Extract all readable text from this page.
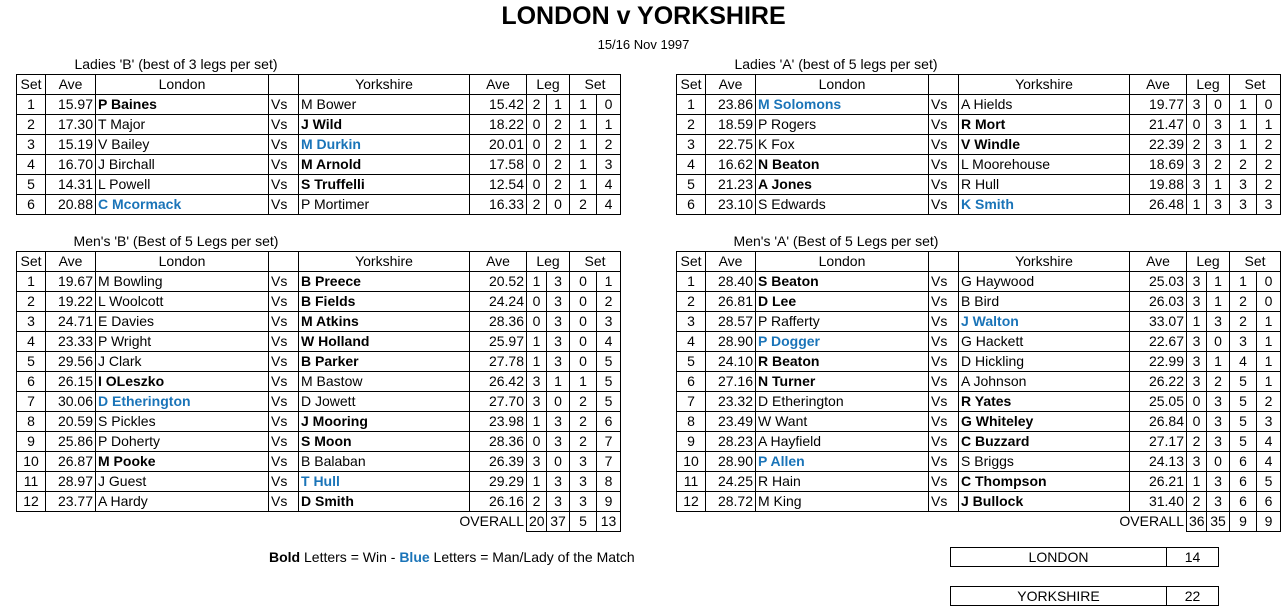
LONDON v YORKSHIRE
15/16 Nov 1997
Ladies 'B' (best of 3 legs per set)
Set	Ave	London		Yorkshire	Ave	Leg		Set	
1	15.97	P Baines	Vs	M Bower	15.42	2	1	1	0
2	17.30	T Major	Vs	J Wild	18.22	0	2	1	1
3	15.19	V Bailey	Vs	M Durkin	20.01	0	2	1	2
4	16.70	J Birchall	Vs	M Arnold	17.58	0	2	1	3
5	14.31	L Powell	Vs	S Truffelli	12.54	0	2	1	4
6	20.88	C Mcormack	Vs	P Mortimer	16.33	2	0	2	4
Ladies 'A' (best of 5 legs per set)
Set	Ave	London		Yorkshire	Ave	Leg		Set	
1	23.86	M Solomons	Vs	A Hields	19.77	3	0	1	0
2	18.59	P Rogers	Vs	R Mort	21.47	0	3	1	1
3	22.75	K Fox	Vs	V Windle	22.39	2	3	1	2
4	16.62	N Beaton	Vs	L Moorehouse	18.69	3	2	2	2
5	21.23	A Jones	Vs	R Hull	19.88	3	1	3	2
6	23.10	S Edwards	Vs	K Smith	26.48	1	3	3	3
Men's 'B' (Best of 5 Legs per set)
Set	Ave	London		Yorkshire	Ave	Leg		Set	
1	19.67	M Bowling	Vs	B Preece	20.52	1	3	0	1
2	19.22	L Woolcott	Vs	B Fields	24.24	0	3	0	2
3	24.71	E Davies	Vs	M Atkins	28.36	0	3	0	3
4	23.33	P Wright	Vs	W Holland	25.97	1	3	0	4
5	29.56	J Clark	Vs	B Parker	27.78	1	3	0	5
6	26.15	I OLeszko	Vs	M Bastow	26.42	3	1	1	5
7	30.06	D Etherington	Vs	D Jowett	27.70	3	0	2	5
8	20.59	S Pickles	Vs	J Mooring	23.98	1	3	2	6
9	25.86	P Doherty	Vs	S Moon	28.36	0	3	2	7
10	26.87	M Pooke	Vs	B Balaban	26.39	3	0	3	7
11	28.97	J Guest	Vs	T Hull	29.29	1	3	3	8
12	23.77	A Hardy	Vs	D Smith	26.16	2	3	3	9
OVERALL						20	37	5	13
Men's 'A' (Best of 5 Legs per set)
Set	Ave	London		Yorkshire	Ave	Leg		Set	
1	28.40	S Beaton	Vs	G Haywood	25.03	3	1	1	0
2	26.81	D Lee	Vs	B Bird	26.03	3	1	2	0
3	28.57	P Rafferty	Vs	J Walton	33.07	1	3	2	1
4	28.90	P Dogger	Vs	G Hackett	22.67	3	0	3	1
5	24.10	R Beaton	Vs	D Hickling	22.99	3	1	4	1
6	27.16	N Turner	Vs	A Johnson	26.22	3	2	5	1
7	23.32	D Etherington	Vs	R Yates	25.05	0	3	5	2
8	23.49	W Want	Vs	G Whiteley	26.84	0	3	5	3
9	28.23	A Hayfield	Vs	C Buzzard	27.17	2	3	5	4
10	28.90	P Allen	Vs	S Briggs	24.13	3	0	6	4
11	24.25	R Hain	Vs	C Thompson	26.21	1	3	6	5
12	28.72	M King	Vs	J Bullock	31.40	2	3	6	6
OVERALL						36	35	9	9
Bold Letters = Win - Blue Letters = Man/Lady of the Match	LONDON	14
YORKSHIRE	22
